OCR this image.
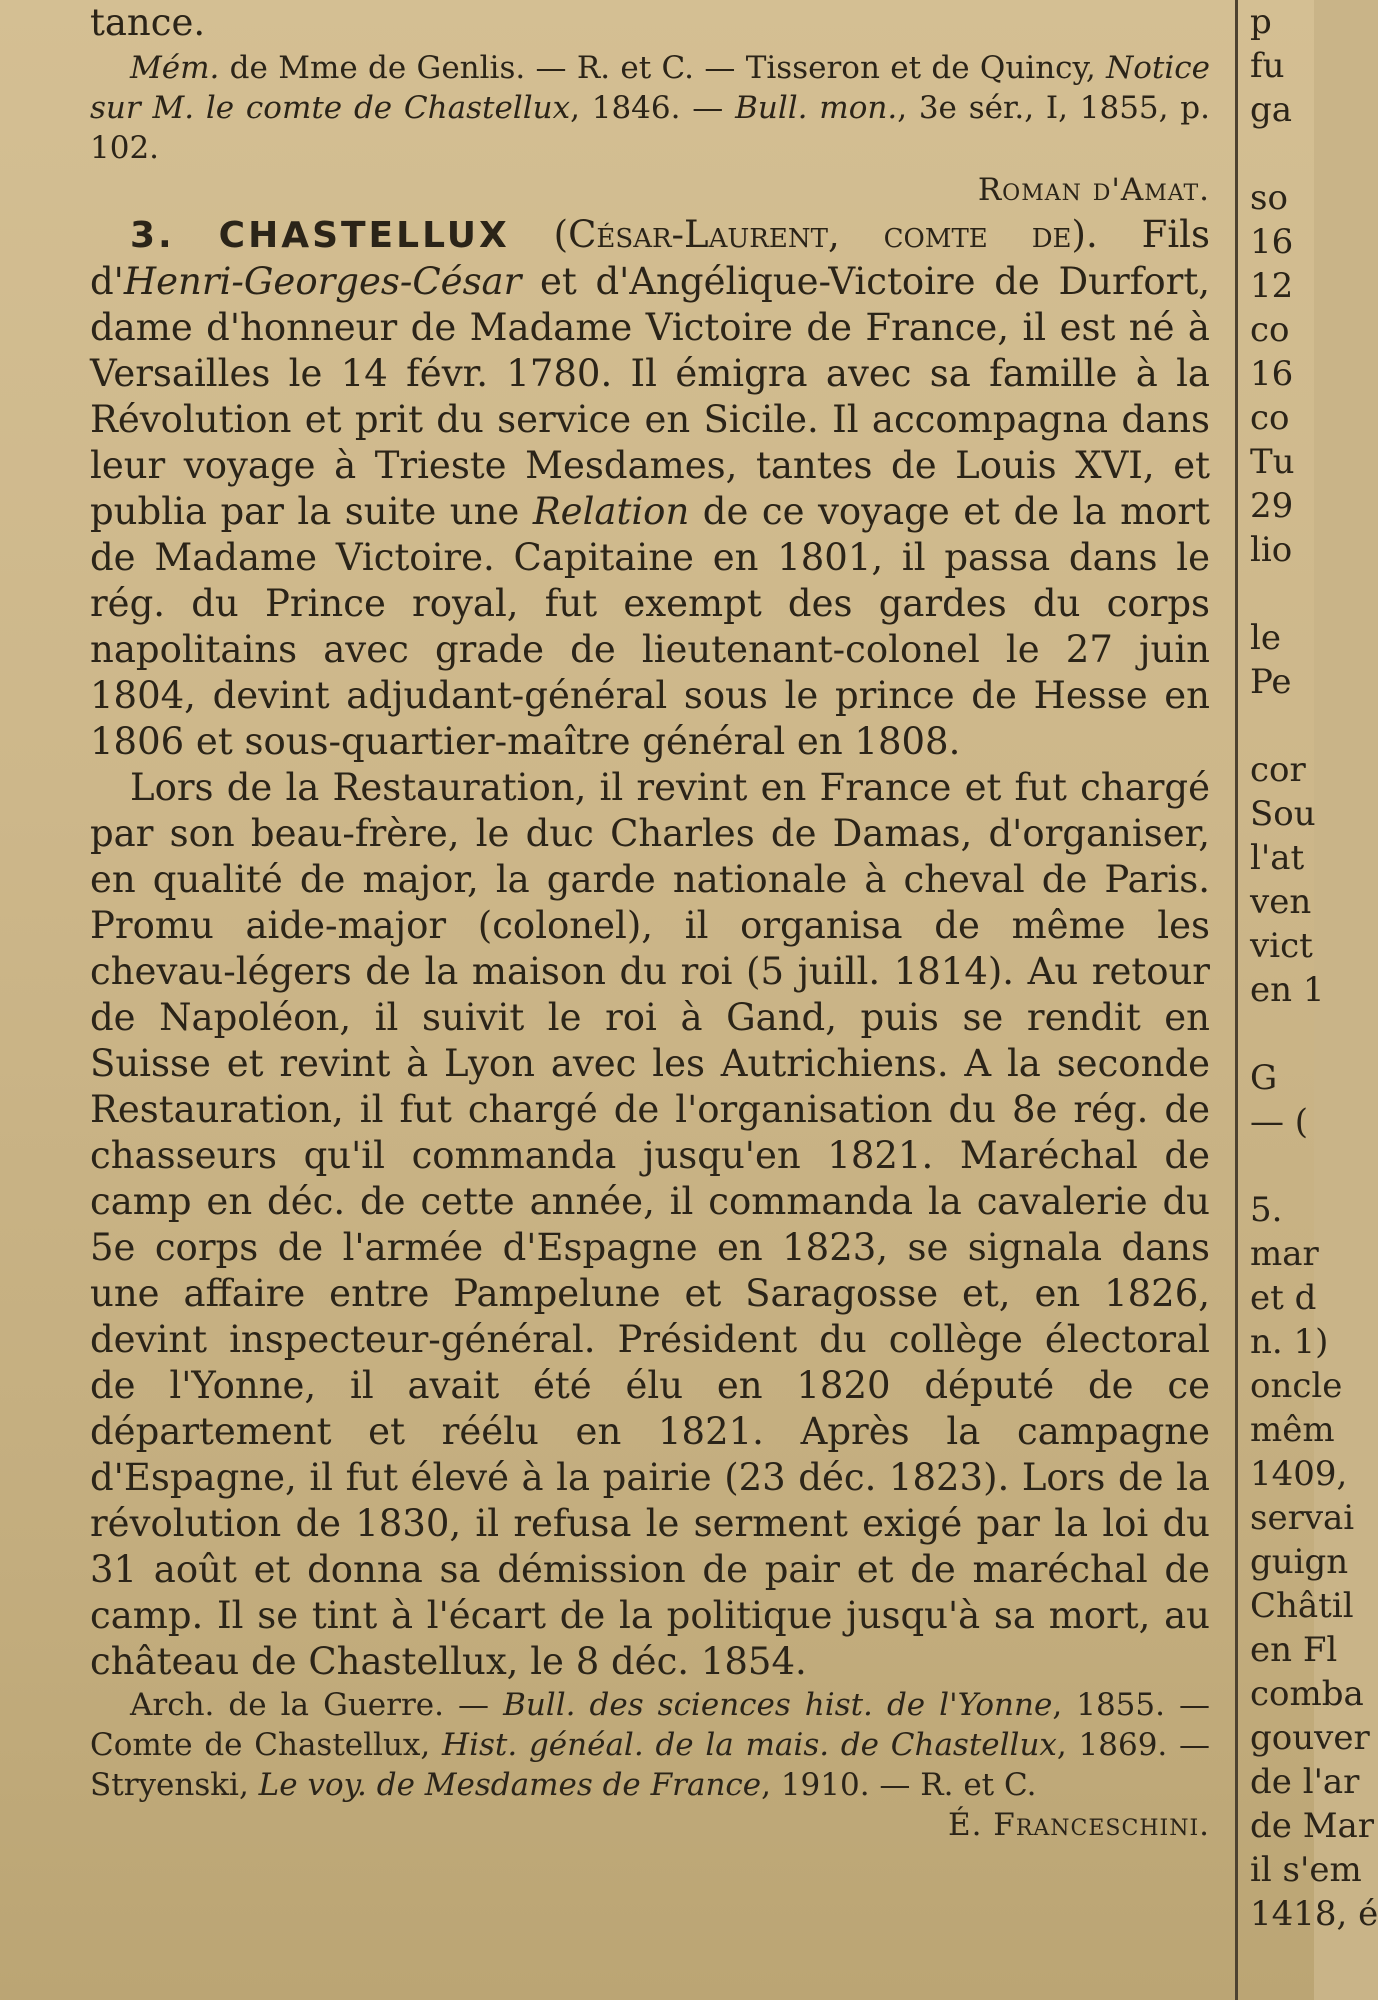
tance.

Mém. de Mme de Genlis. — R. et C. — Tisseron et de Quincy, Notice sur M. le comte de Chastellux, 1846. — Bull. mon., 3e sér., I, 1855, p. 102.

Roman d'Amat.

3. CHASTELLUX (César-Laurent, comte de). Fils d'Henri-Georges-César et d'Angélique-Victoire de Durfort, dame d'honneur de Madame Victoire de France, il est né à Versailles le 14 févr. 1780. Il émigra avec sa famille à la Révolution et prit du service en Sicile. Il accompagna dans leur voyage à Trieste Mesdames, tantes de Louis XVI, et publia par la suite une Relation de ce voyage et de la mort de Madame Victoire. Capitaine en 1801, il passa dans le rég. du Prince royal, fut exempt des gardes du corps napolitains avec grade de lieutenant-colonel le 27 juin 1804, devint adjudant-général sous le prince de Hesse en 1806 et sous-quartier-maître général en 1808.

Lors de la Restauration, il revint en France et fut chargé par son beau-frère, le duc Charles de Damas, d'organiser, en qualité de major, la garde nationale à cheval de Paris. Promu aide-major (colonel), il organisa de même les chevau-légers de la maison du roi (5 juill. 1814). Au retour de Napoléon, il suivit le roi à Gand, puis se rendit en Suisse et revint à Lyon avec les Autrichiens. A la seconde Restauration, il fut chargé de l'organisation du 8e rég. de chasseurs qu'il commanda jusqu'en 1821. Maréchal de camp en déc. de cette année, il commanda la cavalerie du 5e corps de l'armée d'Espagne en 1823, se signala dans une affaire entre Pampelune et Saragosse et, en 1826, devint inspecteur-général. Président du collège électoral de l'Yonne, il avait été élu en 1820 député de ce département et réélu en 1821. Après la campagne d'Espagne, il fut élevé à la pairie (23 déc. 1823). Lors de la révolution de 1830, il refusa le serment exigé par la loi du 31 août et donna sa démission de pair et de maréchal de camp. Il se tint à l'écart de la politique jusqu'à sa mort, au château de Chastellux, le 8 déc. 1854.

Arch. de la Guerre. — Bull. des sciences hist. de l'Yonne, 1855. — Comte de Chastellux, Hist. généal. de la mais. de Chastellux, 1869. — Stryenski, Le voy. de Mesdames de France, 1910. — R. et C.

É. Franceschini.

p
fu
ga

so
16
12
co
16
co
Tu
29
lio

le
Pe

cor
Sou
l'at
ven
vict
en 1

G
— (

5.
mar
et d
n. 1)
oncle
mêm
1409,
servai
guign
Châtil
en Fl
comba
gouver
de l'ar
de Mar
il s'em
1418, é
